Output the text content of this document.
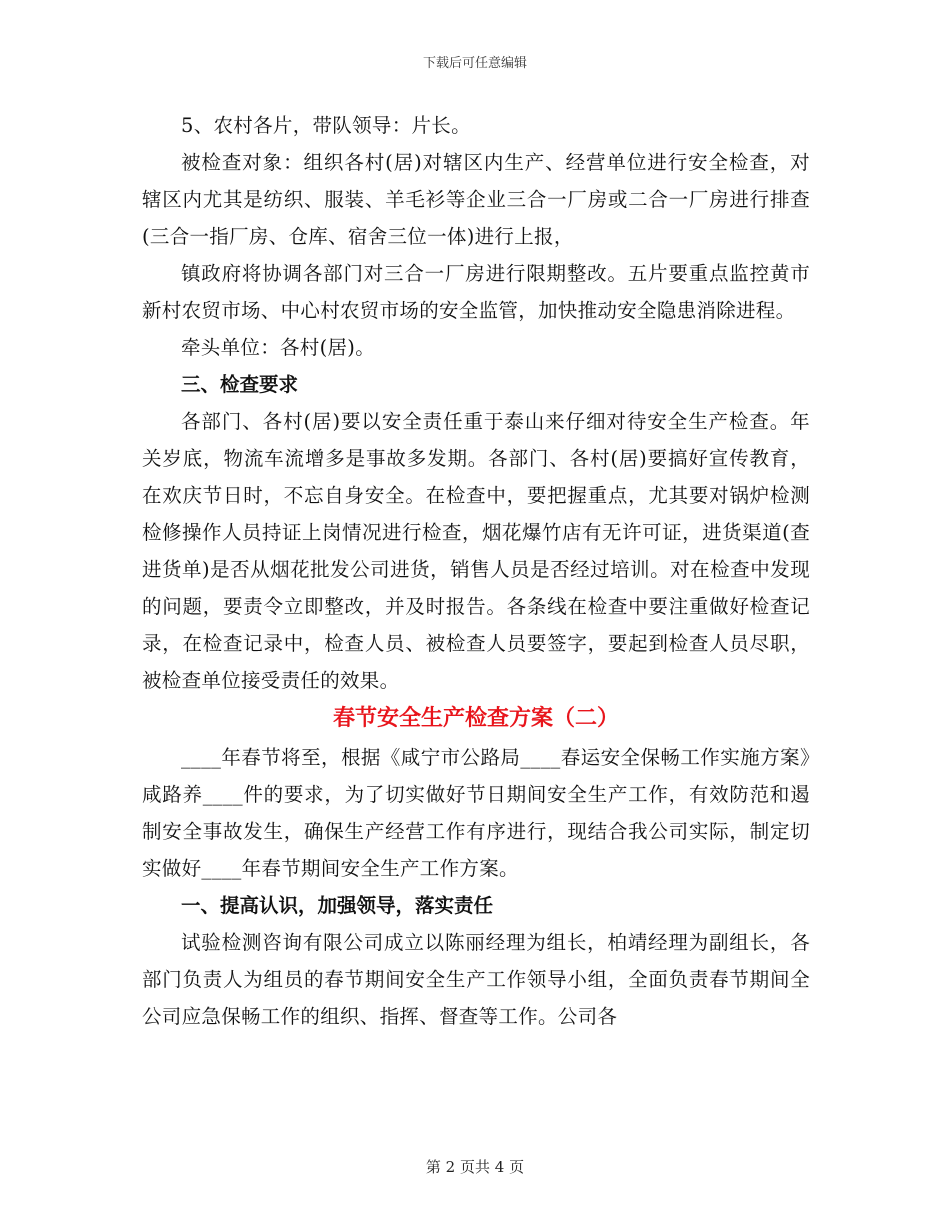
下载后可任意编辑

5、农村各片，带队领导：片长。

被检查对象：组织各村(居)对辖区内生产、经营单位进行安全检查，对辖区内尤其是纺织、服装、羊毛衫等企业三合一厂房或二合一厂房进行排查(三合一指厂房、仓库、宿舍三位一体)进行上报，

镇政府将协调各部门对三合一厂房进行限期整改。五片要重点监控黄市新村农贸市场、中心村农贸市场的安全监管，加快推动安全隐患消除进程。

牵头单位：各村(居)。

三、检查要求

各部门、各村(居)要以安全责任重于泰山来仔细对待安全生产检查。年关岁底，物流车流增多是事故多发期。各部门、各村(居)要搞好宣传教育，在欢庆节日时，不忘自身安全。在检查中，要把握重点，尤其要对锅炉检测检修操作人员持证上岗情况进行检查，烟花爆竹店有无许可证，进货渠道(查进货单)是否从烟花批发公司进货，销售人员是否经过培训。对在检查中发现的问题，要责令立即整改，并及时报告。各条线在检查中要注重做好检查记录，在检查记录中，检查人员、被检查人员要签字，要起到检查人员尽职，被检查单位接受责任的效果。

春节安全生产检查方案（二）

____年春节将至，根据《咸宁市公路局____春运安全保畅工作实施方案》咸路养____件的要求，为了切实做好节日期间安全生产工作，有效防范和遏制安全事故发生，确保生产经营工作有序进行，现结合我公司实际，制定切实做好____年春节期间安全生产工作方案。

一、提高认识，加强领导，落实责任

试验检测咨询有限公司成立以陈丽经理为组长，柏靖经理为副组长，各部门负责人为组员的春节期间安全生产工作领导小组，全面负责春节期间全公司应急保畅工作的组织、指挥、督查等工作。公司各

第 2 页共 4 页
